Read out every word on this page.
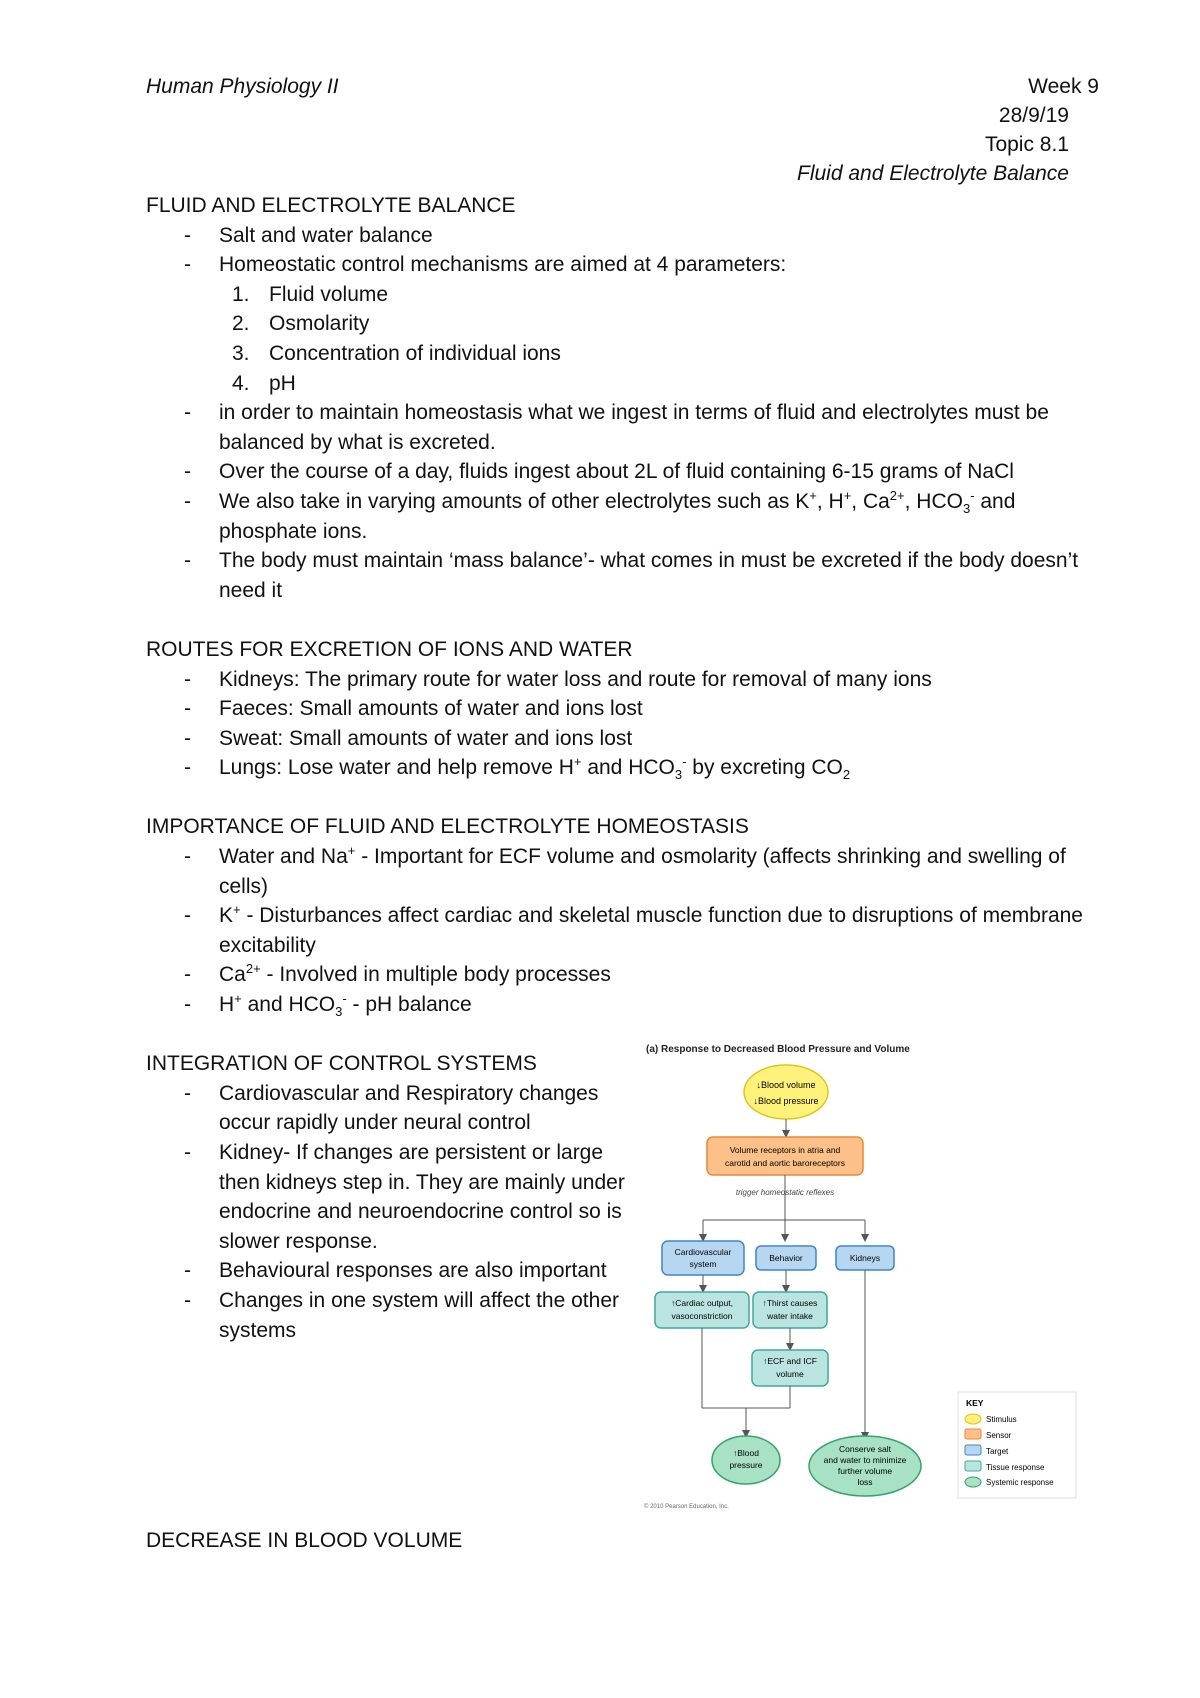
Human Physiology II	Week 9
28/9/19
Topic 8.1
Fluid and Electrolyte Balance
FLUID AND ELECTROLYTE BALANCE
- Salt and water balance
- Homeostatic control mechanisms are aimed at 4 parameters:
1. Fluid volume
2. Osmolarity
3. Concentration of individual ions
4. pH
- in order to maintain homeostasis what we ingest in terms of fluid and electrolytes must be balanced by what is excreted.
- Over the course of a day, fluids ingest about 2L of fluid containing 6-15 grams of NaCl
- We also take in varying amounts of other electrolytes such as K+, H+, $Ca^{2+}$, $HCO_3^-$ and phosphate ions.
- The body must maintain ‘mass balance’- what comes in must be excreted if the body doesn’t need it
ROUTES FOR EXCRETION OF IONS AND WATER
- Kidneys: The primary route for water loss and route for removal of many ions
- Faeces: Small amounts of water and ions lost
- Sweat: Small amounts of water and ions lost
- Lungs: Lose water and help remove H+ and $HCO_3^-$ by excreting $CO_2$
IMPORTANCE OF FLUID AND ELECTROLYTE HOMEOSTASIS
- Water and Na+ - Important for ECF volume and osmolarity (affects shrinking and swelling of cells)
- K+ - Disturbances affect cardiac and skeletal muscle function due to disruptions of membrane excitability
- $Ca^{2+}$ - Involved in multiple body processes
- H+ and $HCO_3^-$ - pH balance
INTEGRATION OF CONTROL SYSTEMS
- Cardiovascular and Respiratory changes occur rapidly under neural control
- Kidney- If changes are persistent or large then kidneys step in. They are mainly under endocrine and neuroendocrine control so is slower response.
- Behavioural responses are also important
- Changes in one system will affect the other systems
(a) Response to Decreased Blood Pressure and Volume
↓Blood volume
↓Blood pressure
Volume receptors in atria and
carotid and aortic baroreceptors
trigger homeostatic reflexes
Cardiovascular
system
Behavior	Kidneys
↑Cardiac output,
vasoconstriction
↑Thirst causes
water intake
↑ECF and ICF
volume
↑Blood
pressure
Conserve salt
and water to minimize
further volume
loss
© 2010 Pearson Education, Inc.
KEY
Stimulus
Sensor
Target
Tissue response
Systemic response
DECREASE IN BLOOD VOLUME
